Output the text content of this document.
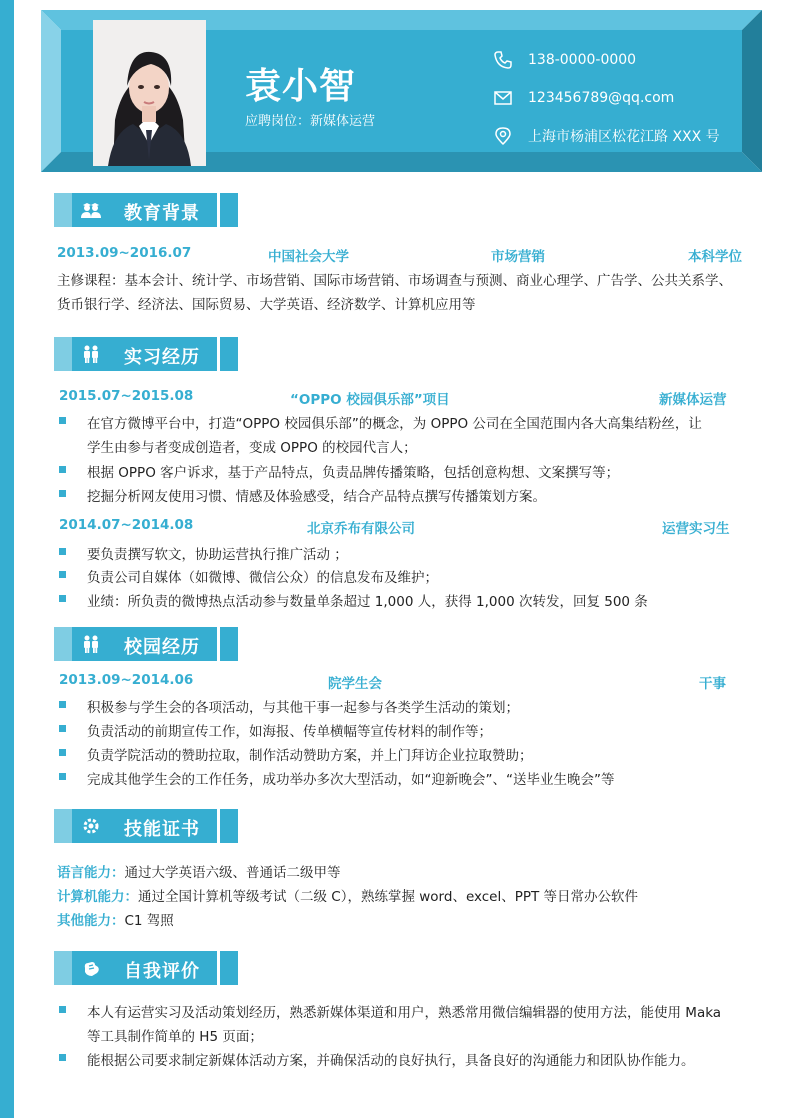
袁小智
应聘岗位：新媒体运营
138-0000-0000
123456789@qq.com
上海市杨浦区松花江路 XXX 号
教育背景
2013.09~2016.07	中国社会大学	市场营销	本科学位
主修课程：基本会计、统计学、市场营销、国际市场营销、市场调查与预测、商业心理学、广告学、公共关系学、
货币银行学、经济法、国际贸易、大学英语、经济数学、计算机应用等
实习经历
2015.07~2015.08	“OPPO 校园俱乐部”项目	新媒体运营
在官方微博平台中，打造“OPPO 校园俱乐部”的概念，为 OPPO 公司在全国范围内各大高集结粉丝，让
学生由参与者变成创造者，变成 OPPO 的校园代言人；
根据 OPPO 客户诉求，基于产品特点，负责品牌传播策略，包括创意构想、文案撰写等；
挖掘分析网友使用习惯、情感及体验感受，结合产品特点撰写传播策划方案。
2014.07~2014.08	北京乔布有限公司	运营实习生
要负责撰写软文，协助运营执行推广活动 ；
负责公司自媒体（如微博、微信公众）的信息发布及维护；
业绩：所负责的微博热点活动参与数量单条超过 1,000 人，获得 1,000 次转发，回复 500 条
校园经历
2013.09~2014.06	院学生会	干事
积极参与学生会的各项活动，与其他干事一起参与各类学生活动的策划；
负责活动的前期宣传工作，如海报、传单横幅等宣传材料的制作等；
负责学院活动的赞助拉取，制作活动赞助方案，并上门拜访企业拉取赞助；
完成其他学生会的工作任务，成功举办多次大型活动，如“迎新晚会”、“送毕业生晚会”等
技能证书
语言能力：通过大学英语六级、普通话二级甲等
计算机能力：通过全国计算机等级考试（二级 C），熟练掌握 word、excel、PPT 等日常办公软件
其他能力：C1 驾照
自我评价
本人有运营实习及活动策划经历，熟悉新媒体渠道和用户，熟悉常用微信编辑器的使用方法，能使用 Maka
等工具制作简单的 H5 页面；
能根据公司要求制定新媒体活动方案，并确保活动的良好执行，具备良好的沟通能力和团队协作能力。
